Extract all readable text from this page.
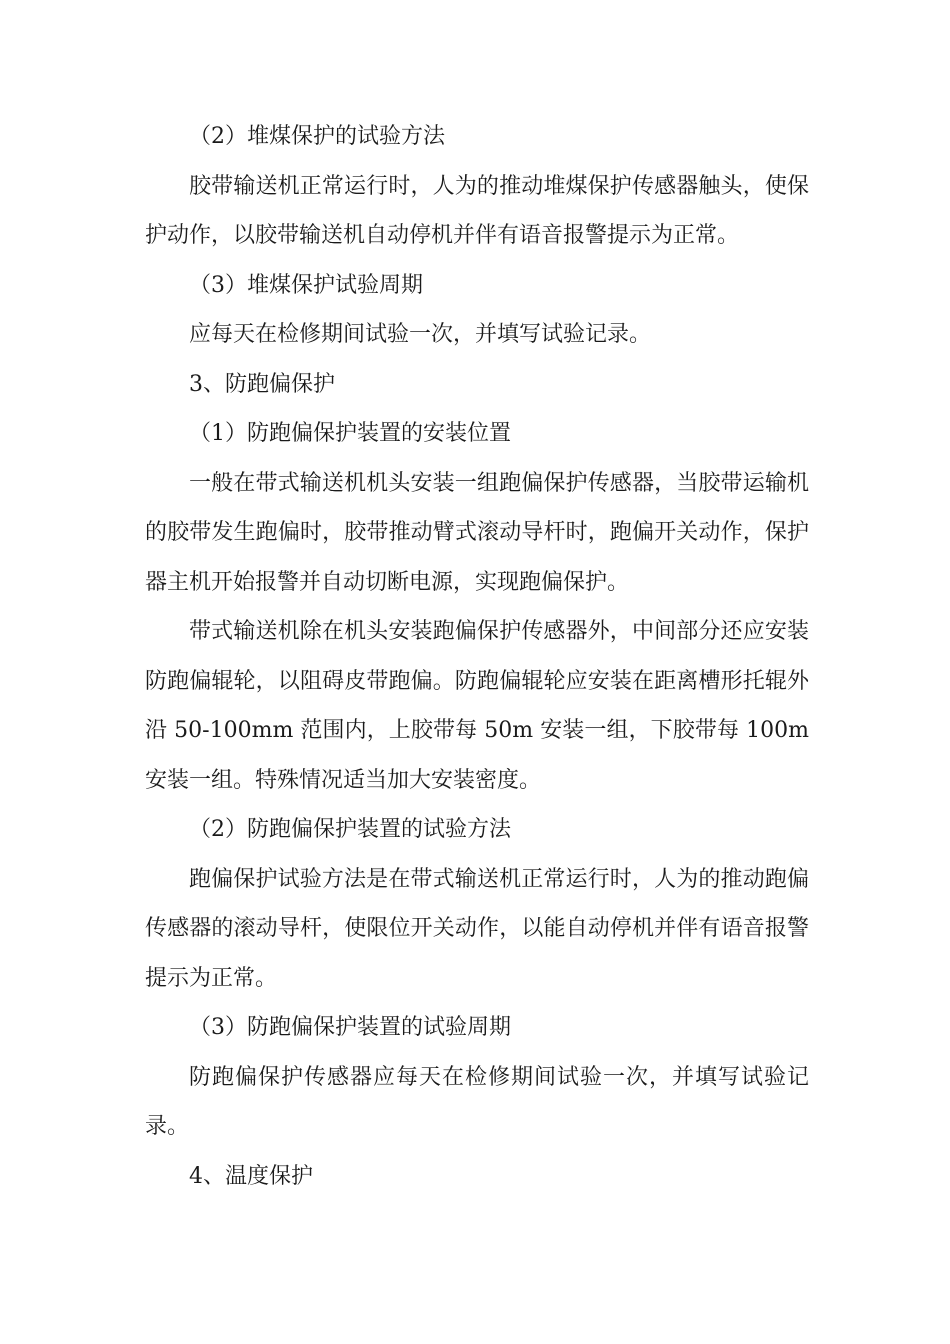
（2）堆煤保护的试验方法

胶带输送机正常运行时，人为的推动堆煤保护传感器触头，使保护动作，以胶带输送机自动停机并伴有语音报警提示为正常。

（3）堆煤保护试验周期

应每天在检修期间试验一次，并填写试验记录。

3、防跑偏保护

（1）防跑偏保护装置的安装位置

一般在带式输送机机头安装一组跑偏保护传感器，当胶带运输机的胶带发生跑偏时，胶带推动臂式滚动导杆时，跑偏开关动作，保护器主机开始报警并自动切断电源，实现跑偏保护。

带式输送机除在机头安装跑偏保护传感器外，中间部分还应安装防跑偏辊轮，以阻碍皮带跑偏。防跑偏辊轮应安装在距离槽形托辊外沿 50-100mm 范围内，上胶带每 50m 安装一组，下胶带每 100m 安装一组。特殊情况适当加大安装密度。

（2）防跑偏保护装置的试验方法

跑偏保护试验方法是在带式输送机正常运行时，人为的推动跑偏传感器的滚动导杆，使限位开关动作，以能自动停机并伴有语音报警提示为正常。

（3）防跑偏保护装置的试验周期

防跑偏保护传感器应每天在检修期间试验一次，并填写试验记录。

4、温度保护
